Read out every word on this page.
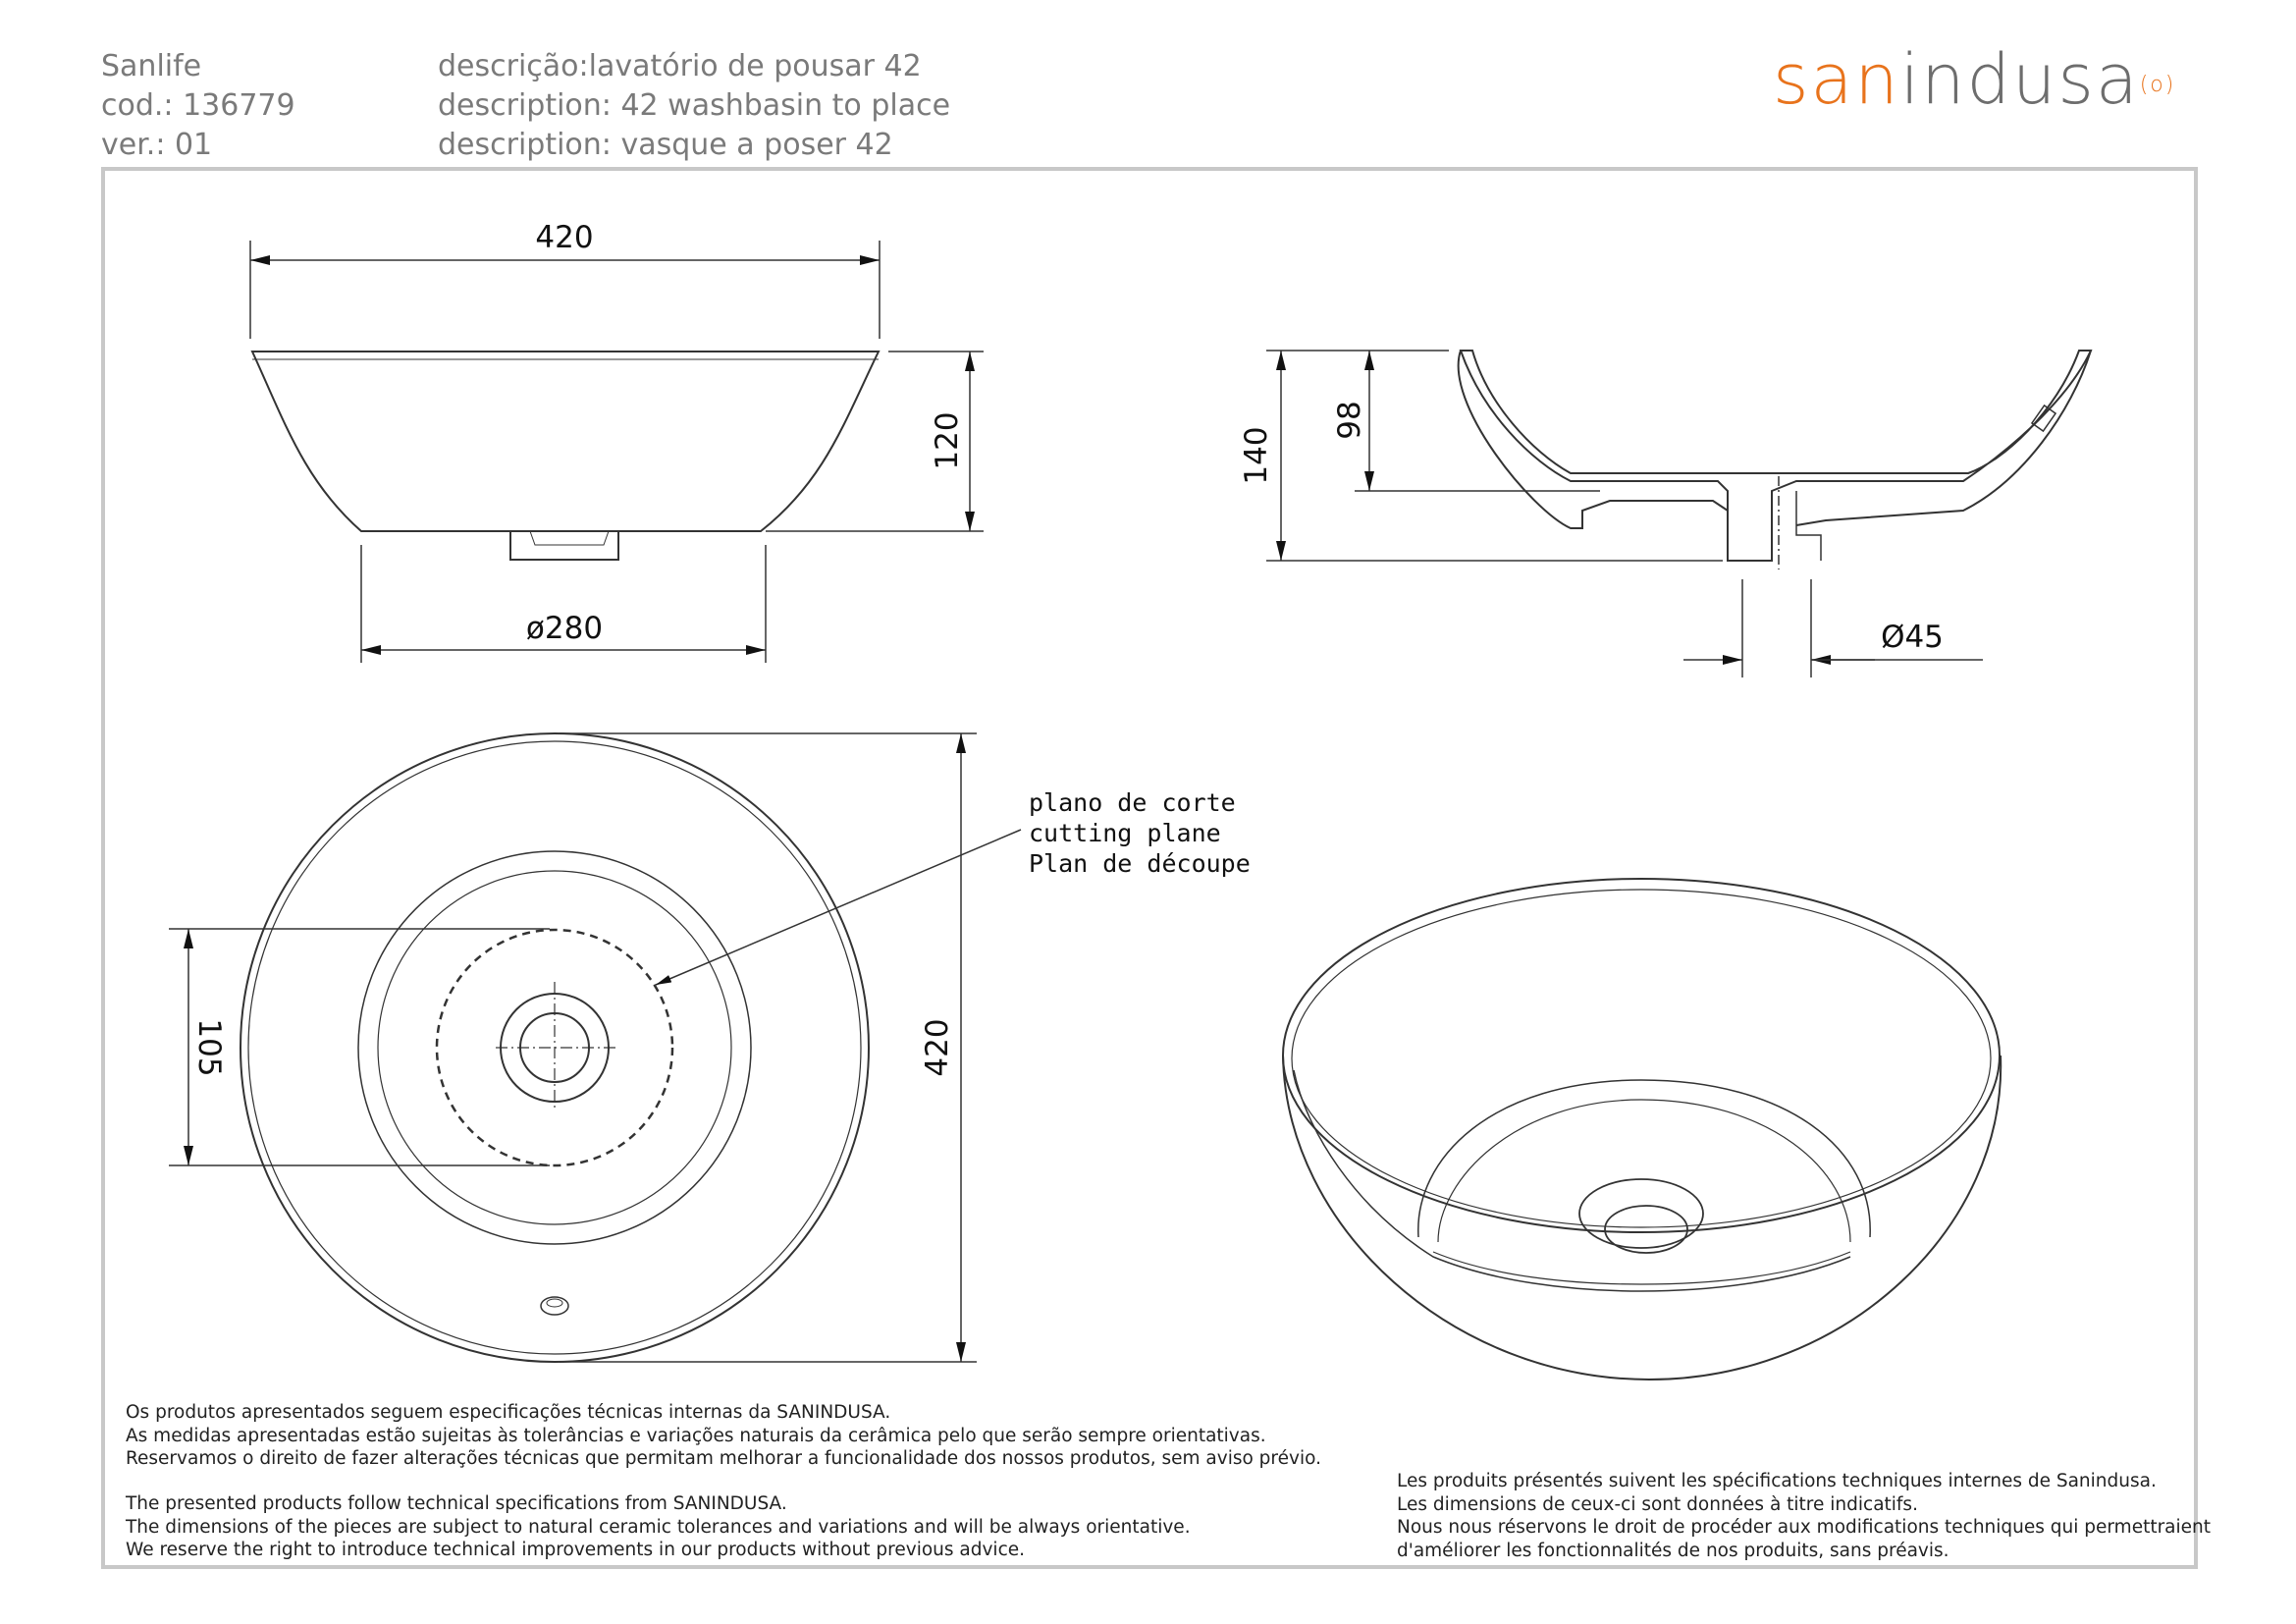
Sanlife
cod.: 136779
ver.: 01
descrição:lavatório de pousar 42
description: 42 washbasin to place
description: vasque a poser 42
sanindusa$^{(o)}$
420
120
ø280
140
98
Ø45
420
105
plano de corte
cutting plane
Plan de découpe
Os produtos apresentados seguem especificações técnicas internas da SANINDUSA.
As medidas apresentadas estão sujeitas às tolerâncias e variações naturais da cerâmica pelo que serão sempre orientativas.
Reservamos o direito de fazer alterações técnicas que permitam melhorar a funcionalidade dos nossos produtos, sem aviso prévio.
The presented products follow technical specifications from SANINDUSA.
The dimensions of the pieces are subject to natural ceramic tolerances and variations and will be always orientative.
We reserve the right to introduce technical improvements in our products without previous advice.
Les produits présentés suivent les spécifications techniques internes de Sanindusa.
Les dimensions de ceux-ci sont données à titre indicatifs.
Nous nous réservons le droit de procéder aux modifications techniques qui permettraient
d'améliorer les fonctionnalités de nos produits, sans préavis.
